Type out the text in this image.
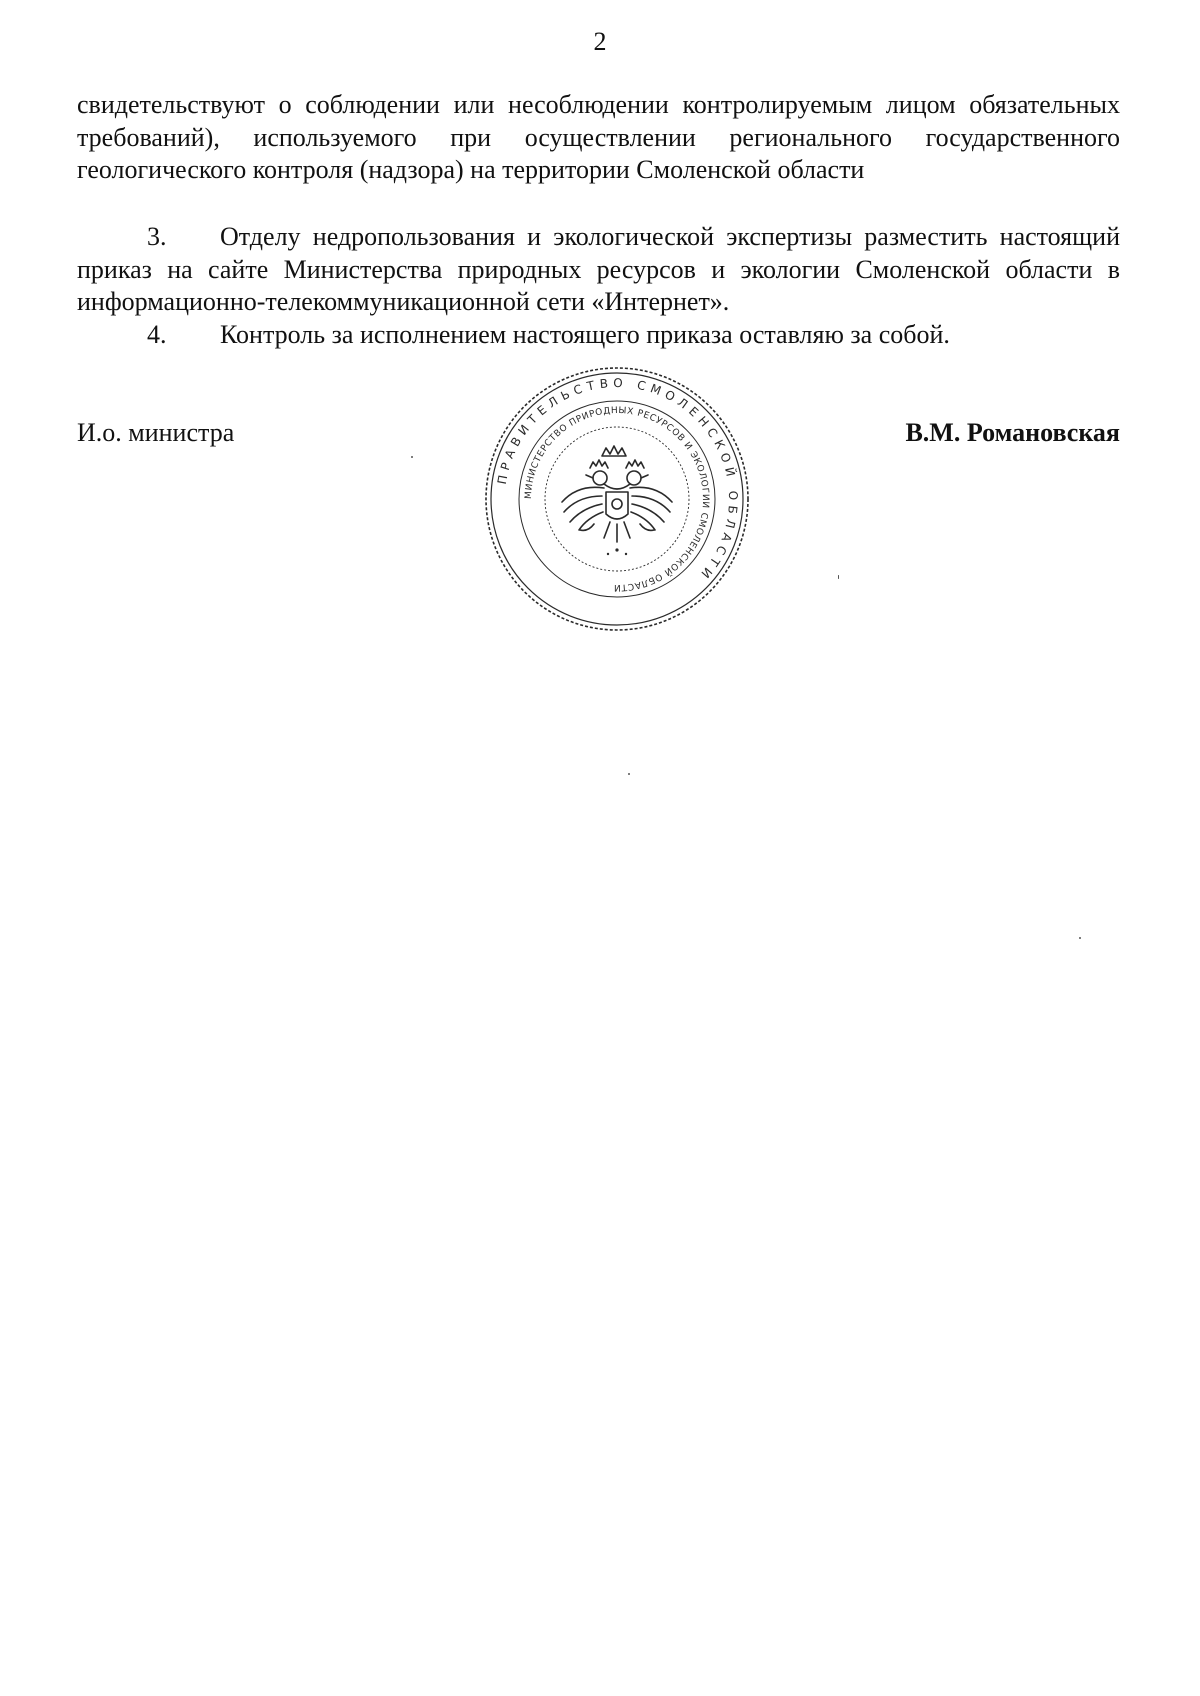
2
свидетельствуют о соблюдении или несоблюдении контролируемым лицом обязательных требований), используемого при осуществлении регионального государственного геологического контроля (надзора) на территории Смоленской области
3. Отделу недропользования и экологической экспертизы разместить настоящий приказ на сайте Министерства природных ресурсов и экологии Смоленской области в информационно-телекоммуникационной сети «Интернет».
4. Контроль за исполнением настоящего приказа оставляю за собой.
И.о. министра	В.М. Романовская
ПРАВИТЕЛЬСТВО СМОЛЕНСКОЙ ОБЛАСТИ
МИНИСТЕРСТВО ПРИРОДНЫХ РЕСУРСОВ И ЭКОЛОГИИ СМОЛЕНСКОЙ ОБЛАСТИ
